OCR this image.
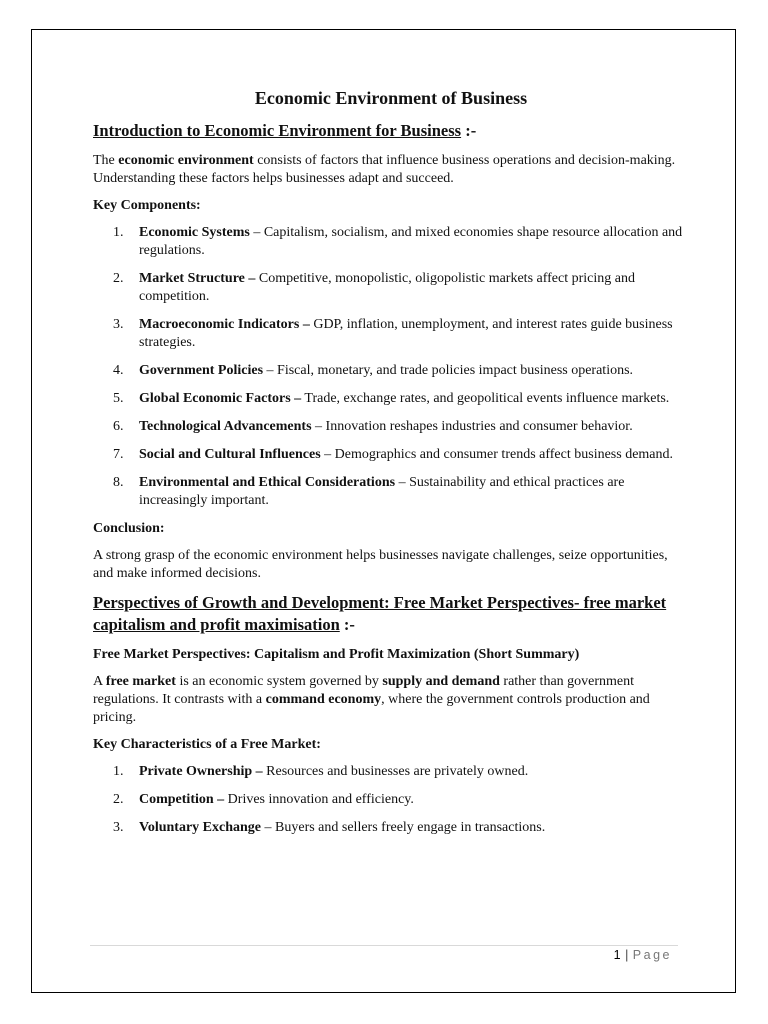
Economic Environment of Business
Introduction to Economic Environment for Business :-

The economic environment consists of factors that influence business operations and decision-making. Understanding these factors helps businesses adapt and succeed.

Key Components:

1.	Economic Systems – Capitalism, socialism, and mixed economies shape resource allocation and regulations.
2.	Market Structure – Competitive, monopolistic, oligopolistic markets affect pricing and competition.
3.	Macroeconomic Indicators – GDP, inflation, unemployment, and interest rates guide business strategies.
4.	Government Policies – Fiscal, monetary, and trade policies impact business operations.
5.	Global Economic Factors – Trade, exchange rates, and geopolitical events influence markets.
6.	Technological Advancements – Innovation reshapes industries and consumer behavior.
7.	Social and Cultural Influences – Demographics and consumer trends affect business demand.
8.	Environmental and Ethical Considerations – Sustainability and ethical practices are increasingly important.

Conclusion:

A strong grasp of the economic environment helps businesses navigate challenges, seize opportunities, and make informed decisions.

Perspectives of Growth and Development: Free Market Perspectives- free market capitalism and profit maximisation :-

Free Market Perspectives: Capitalism and Profit Maximization (Short Summary)

A free market is an economic system governed by supply and demand rather than government regulations. It contrasts with a command economy, where the government controls production and pricing.

Key Characteristics of a Free Market:

1.	Private Ownership – Resources and businesses are privately owned.
2.	Competition – Drives innovation and efficiency.
3.	Voluntary Exchange – Buyers and sellers freely engage in transactions.
1 | Page
